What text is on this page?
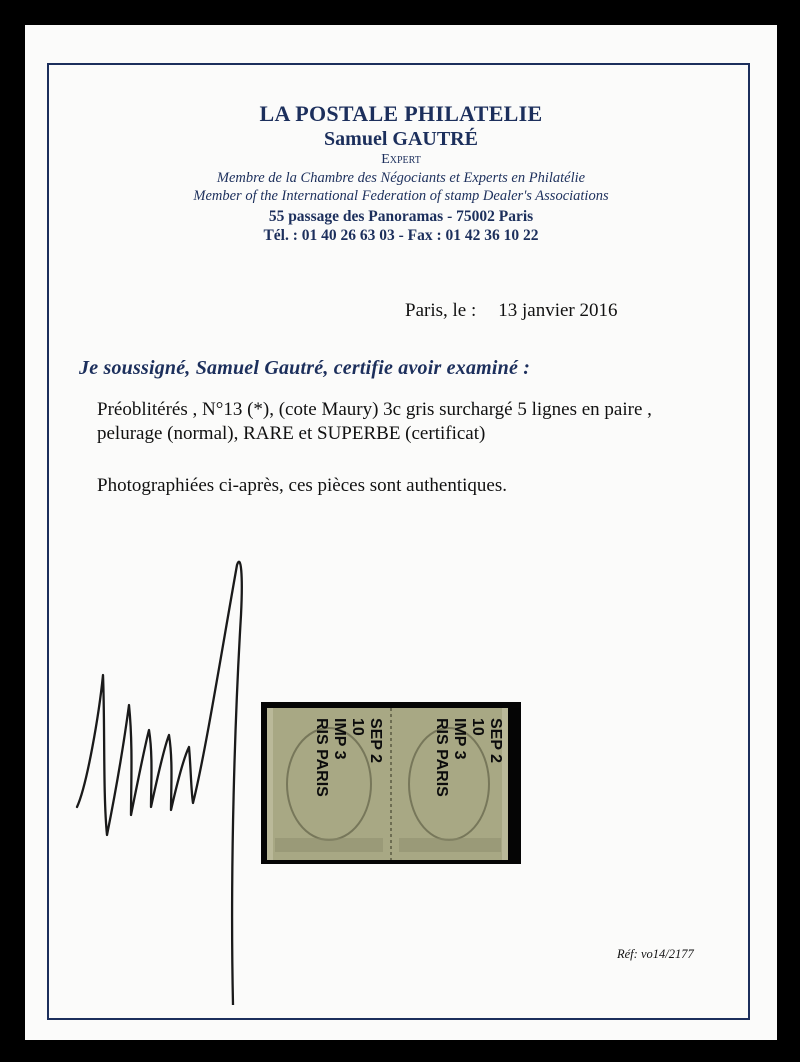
LA POSTALE PHILATELIE
Samuel GAUTRÉ
Expert
Membre de la Chambre des Négociants et Experts en Philatélie
Member of the International Federation of stamp Dealer's Associations
55 passage des Panoramas - 75002 Paris
Tél. : 01 40 26 63 03 - Fax : 01 42 36 10 22
Paris, le : 13 janvier 2016
Je soussigné, Samuel Gautré, certifie avoir examiné :
Préoblitérés , N°13 (*), (cote Maury) 3c gris surchargé 5 lignes en paire , pelurage (normal), RARE et SUPERBE (certificat)
Photographiées ci-après, ces pièces sont authentiques.
RIS PARIS IMP 3 10 SEP 2	RIS PARIS IMP 3 10 SEP 2
Réf: vo14/2177
